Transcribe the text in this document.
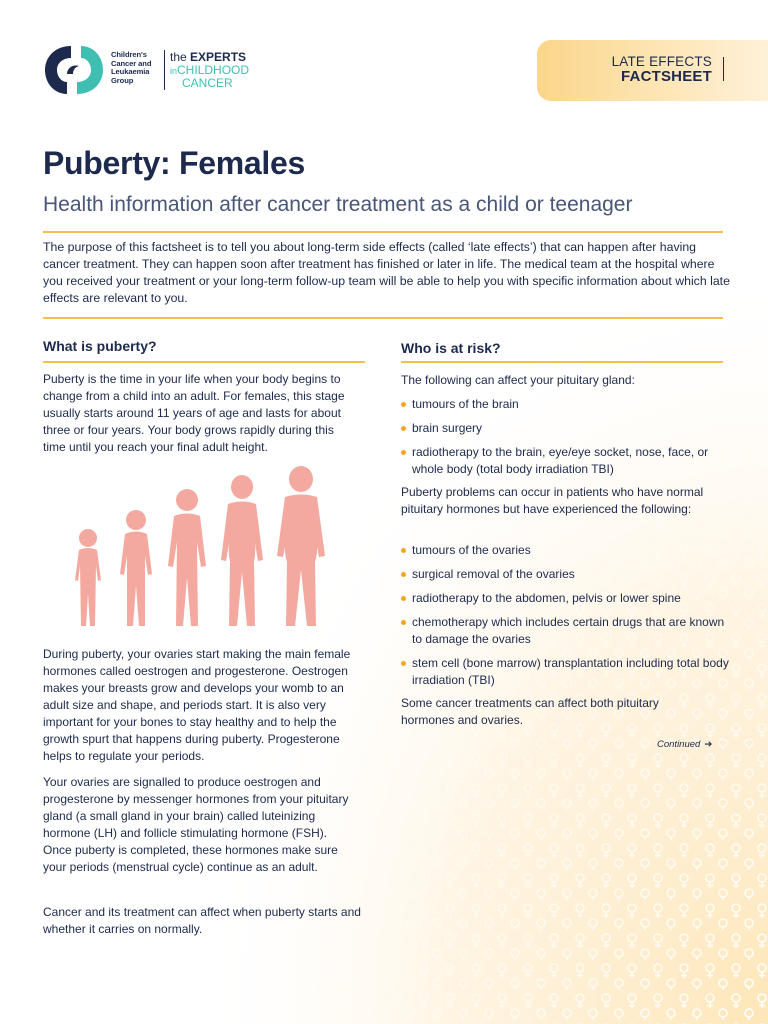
Children's
Cancer and
Leukaemia
Group
the EXPERTS
inCHILDHOOD
CANCER
LATE EFFECTS
FACTSHEET
Puberty: Females
Health information after cancer treatment as a child or teenager

The purpose of this factsheet is to tell you about long-term side effects (called ‘late effects’) that can happen after having cancer treatment. They can happen soon after treatment has finished or later in life. The medical team at the hospital where you received your treatment or your long-term follow-up team will be able to help you with specific information about which late effects are relevant to you.

What is puberty?

Puberty is the time in your life when your body begins to change from a child into an adult. For females, this stage usually starts around 11 years of age and lasts for about three or four years. Your body grows rapidly during this time until you reach your final adult height.

During puberty, your ovaries start making the main female hormones called oestrogen and progesterone. Oestrogen makes your breasts grow and develops your womb to an adult size and shape, and periods start. It is also very important for your bones to stay healthy and to help the growth spurt that happens during puberty. Progesterone helps to regulate your periods.

Your ovaries are signalled to produce oestrogen and progesterone by messenger hormones from your pituitary gland (a small gland in your brain) called luteinizing hormone (LH) and follicle stimulating hormone (FSH). Once puberty is completed, these hormones make sure your periods (menstrual cycle) continue as an adult.

Cancer and its treatment can affect when puberty starts and whether it carries on normally.

Who is at risk?

The following can affect your pituitary gland:

tumours of the brain
brain surgery
radiotherapy to the brain, eye/eye socket, nose, face, or whole body (total body irradiation TBI)

Puberty problems can occur in patients who have normal pituitary hormones but have experienced the following:

tumours of the ovaries
surgical removal of the ovaries
radiotherapy to the abdomen, pelvis or lower spine
chemotherapy which includes certain drugs that are known to damage the ovaries
stem cell (bone marrow) transplantation including total body irradiation (TBI)

Some cancer treatments can affect both pituitary hormones and ovaries.

Continued ➔
